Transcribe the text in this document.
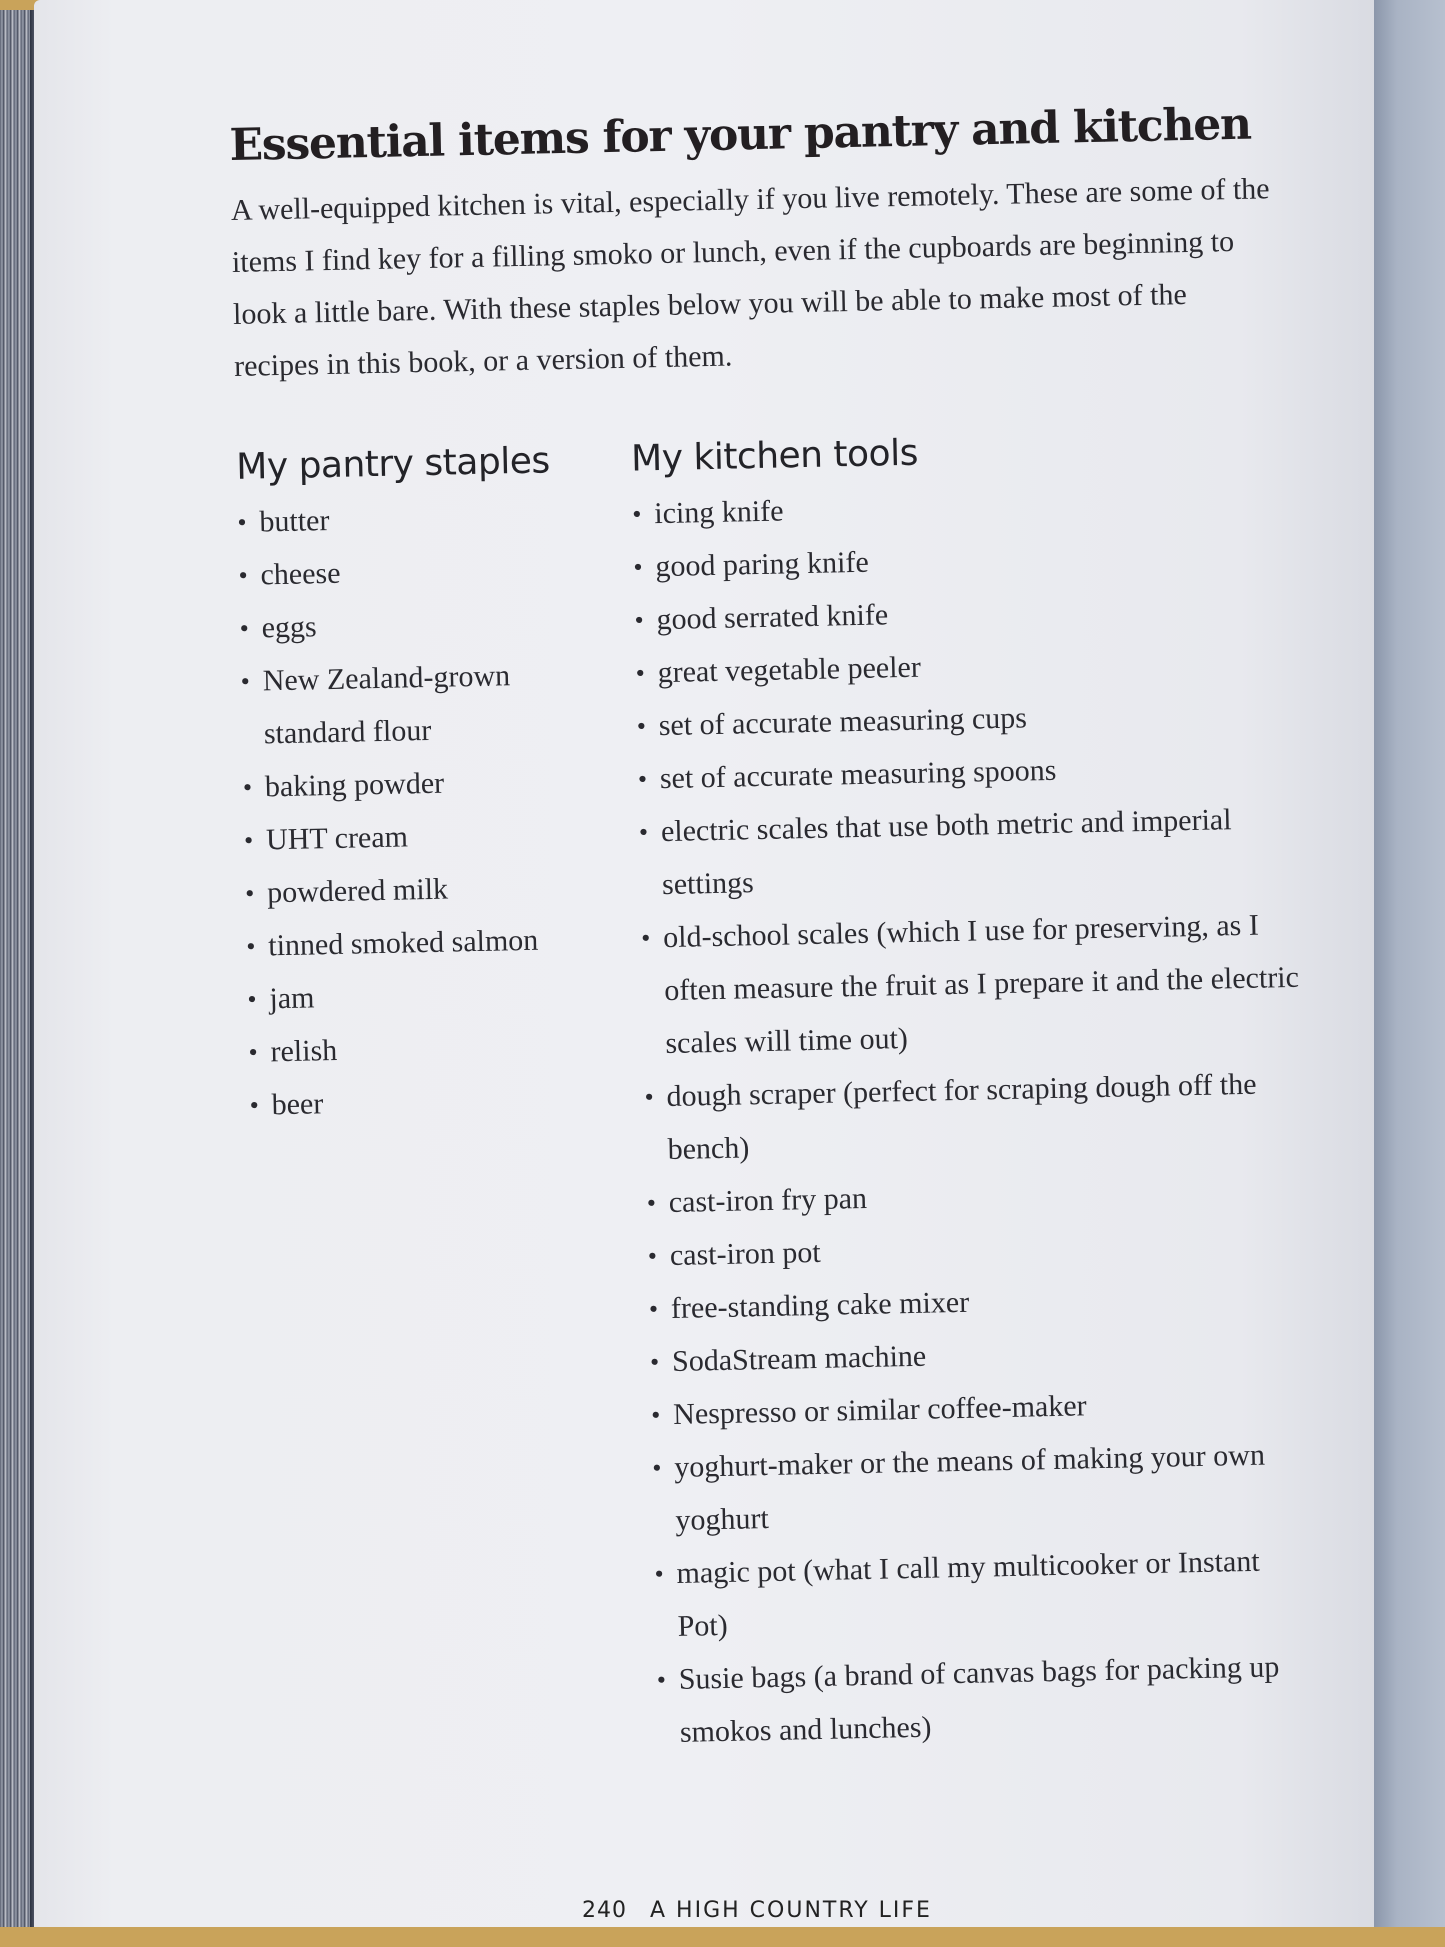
Essential items for your pantry and kitchen

A well-equipped kitchen is vital, especially if you live remotely. These are some of the items I find key for a filling smoko or lunch, even if the cupboards are beginning to look a little bare. With these staples below you will be able to make most of the recipes in this book, or a version of them.

My pantry staples
• butter
• cheese
• eggs
• New Zealand-grown standard flour
• baking powder
• UHT cream
• powdered milk
• tinned smoked salmon
• jam
• relish
• beer
My kitchen tools
• icing knife
• good paring knife
• good serrated knife
• great vegetable peeler
• set of accurate measuring cups
• set of accurate measuring spoons
• electric scales that use both metric and imperial settings
• old-school scales (which I use for preserving, as I often measure the fruit as I prepare it and the electric scales will time out)
• dough scraper (perfect for scraping dough off the bench)
• cast-iron fry pan
• cast-iron pot
• free-standing cake mixer
• SodaStream machine
• Nespresso or similar coffee-maker
• yoghurt-maker or the means of making your own yoghurt
• magic pot (what I call my multicooker or Instant Pot)
• Susie bags (a brand of canvas bags for packing up smokos and lunches)
240 A HIGH COUNTRY LIFE
